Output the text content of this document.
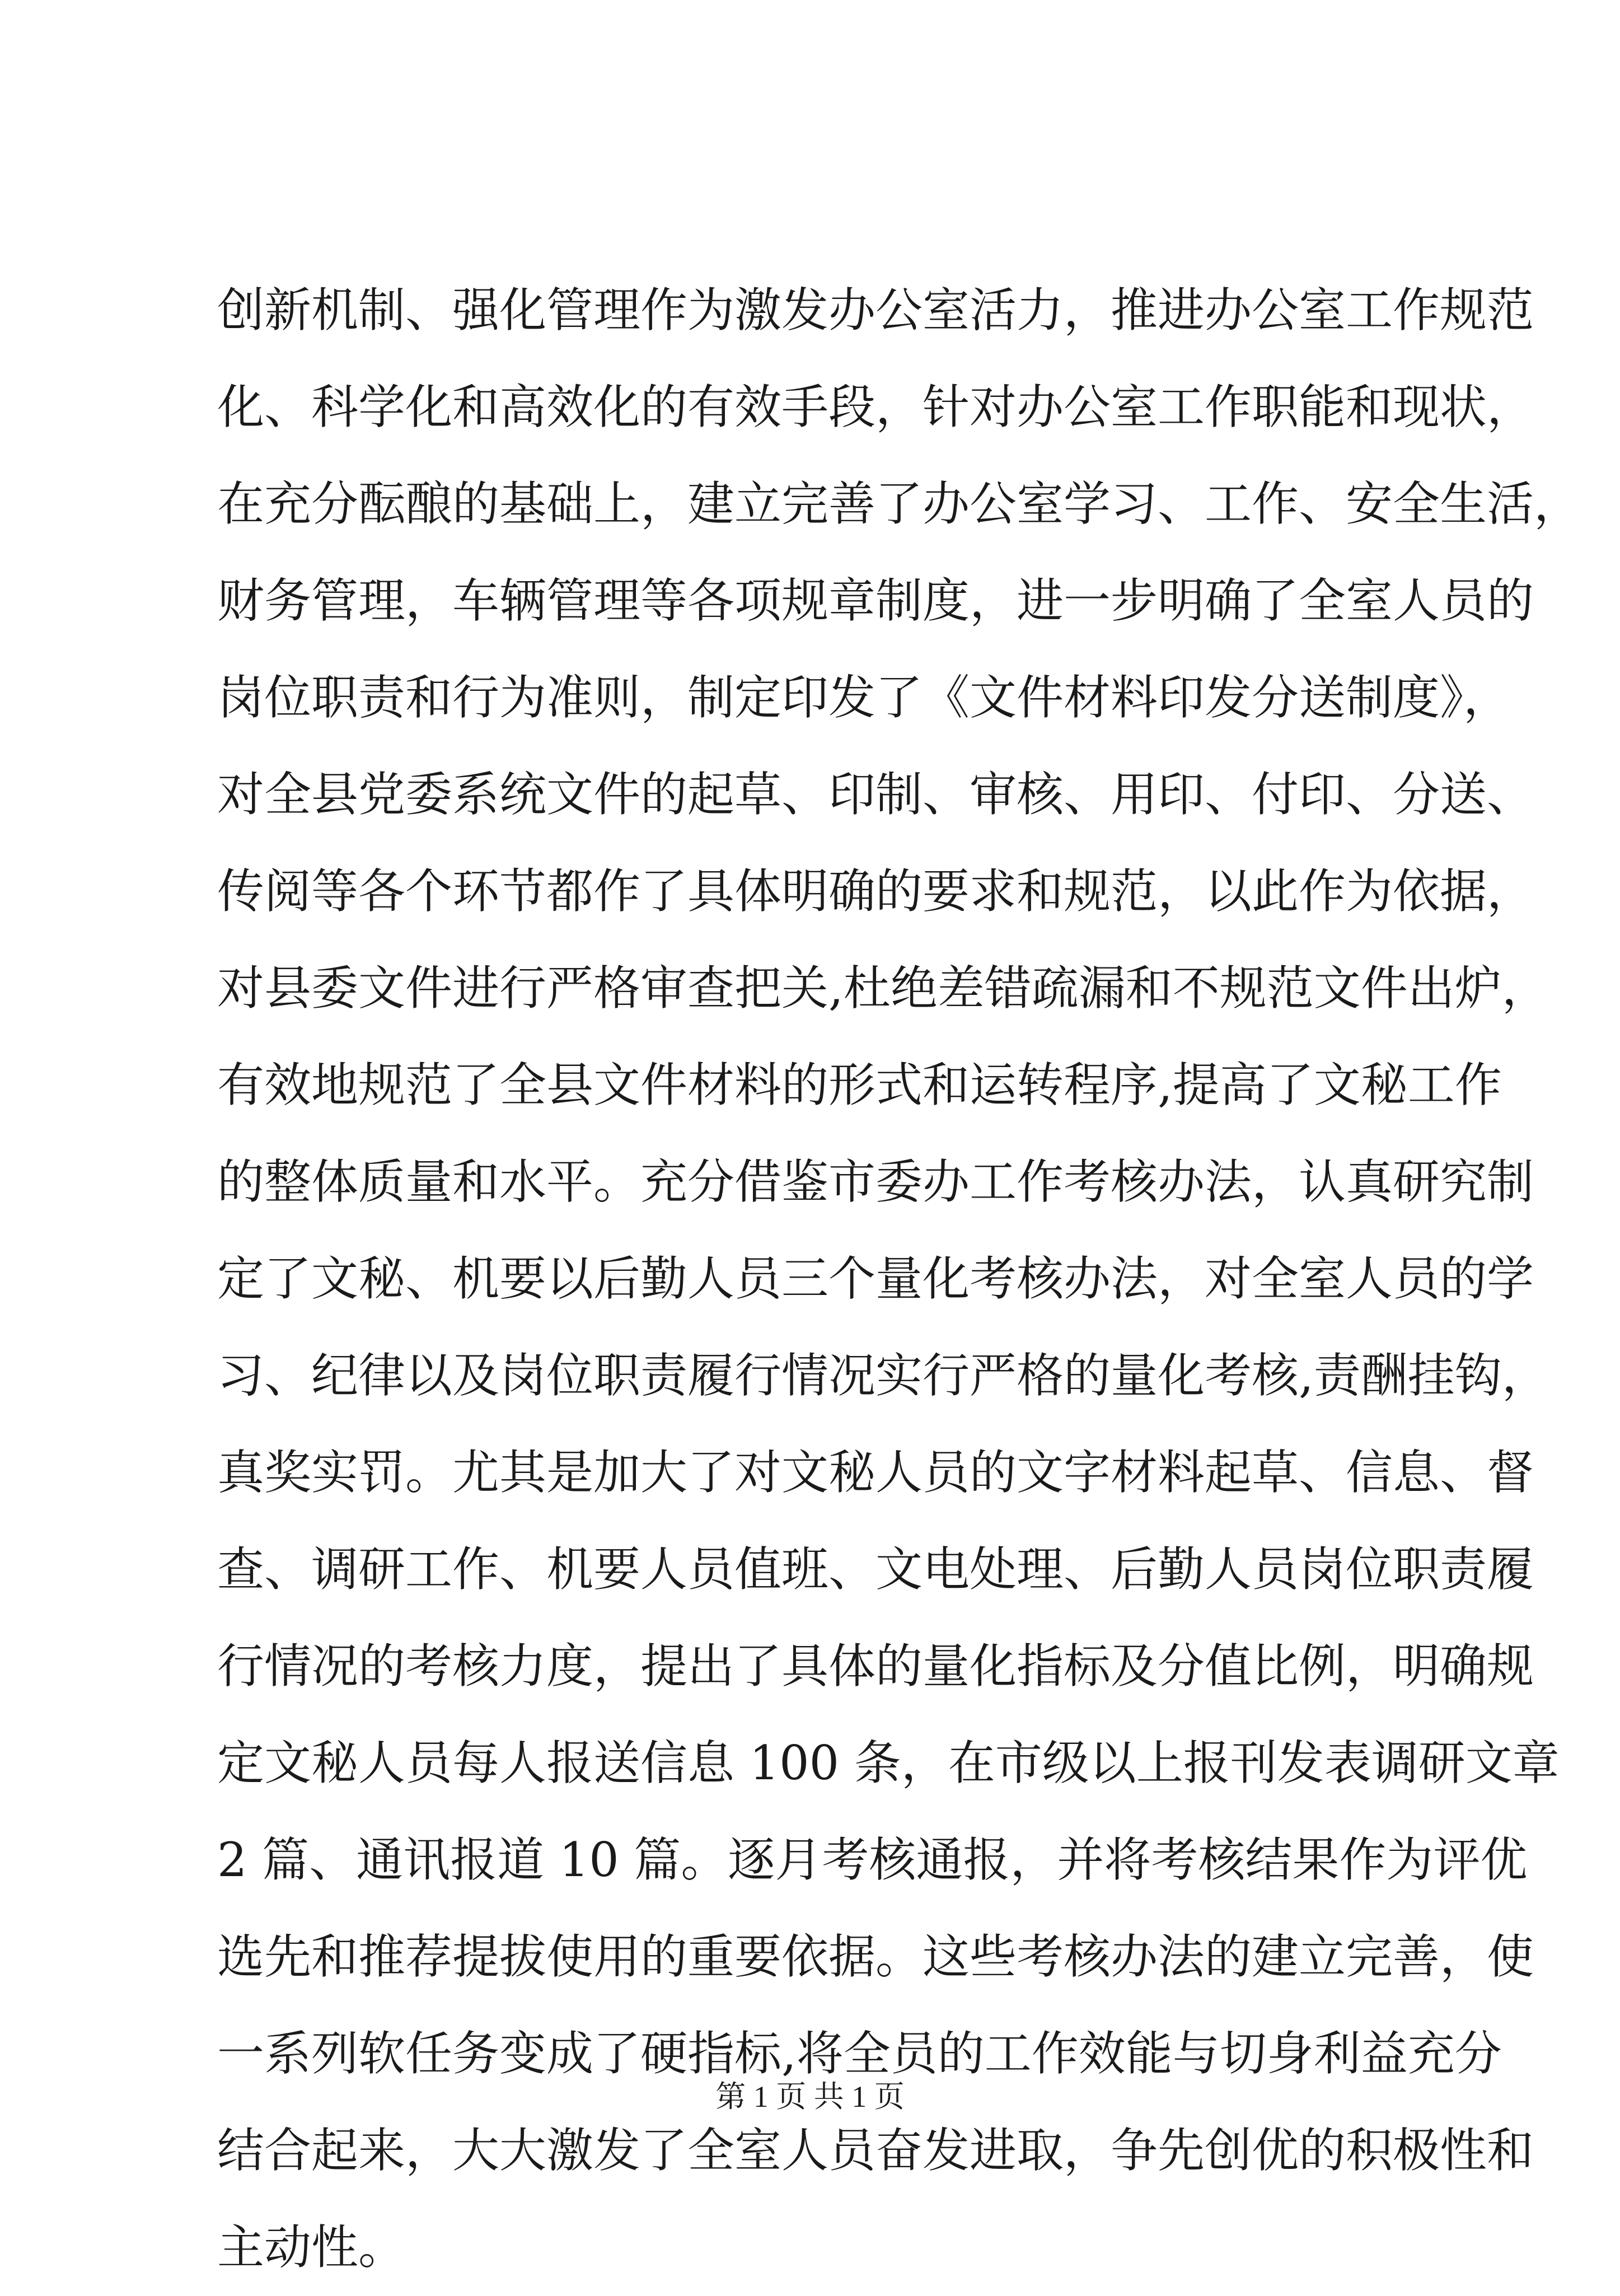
创新机制、强化管理作为激发办公室活力，推进办公室工作规范
化、科学化和高效化的有效手段，针对办公室工作职能和现状，
在充分酝酿的基础上，建立完善了办公室学习、工作、安全生活，
财务管理，车辆管理等各项规章制度，进一步明确了全室人员的
岗位职责和行为准则，制定印发了《文件材料印发分送制度》，
对全县党委系统文件的起草、印制、审核、用印、付印、分送、
传阅等各个环节都作了具体明确的要求和规范，以此作为依据，
对县委文件进行严格审查把关,杜绝差错疏漏和不规范文件出炉，
有效地规范了全县文件材料的形式和运转程序,提高了文秘工作
的整体质量和水平。充分借鉴市委办工作考核办法，认真研究制
定了文秘、机要以后勤人员三个量化考核办法，对全室人员的学
习、纪律以及岗位职责履行情况实行严格的量化考核,责酬挂钩，
真奖实罚。尤其是加大了对文秘人员的文字材料起草、信息、督
查、调研工作、机要人员值班、文电处理、后勤人员岗位职责履
行情况的考核力度，提出了具体的量化指标及分值比例，明确规
定文秘人员每人报送信息 100 条，在市级以上报刊发表调研文章
2 篇、通讯报道 10 篇。逐月考核通报，并将考核结果作为评优
选先和推荐提拔使用的重要依据。这些考核办法的建立完善，使
一系列软任务变成了硬指标,将全员的工作效能与切身利益充分
结合起来，大大激发了全室人员奋发进取，争先创优的积极性和
主动性。
第 1 页 共 1 页
